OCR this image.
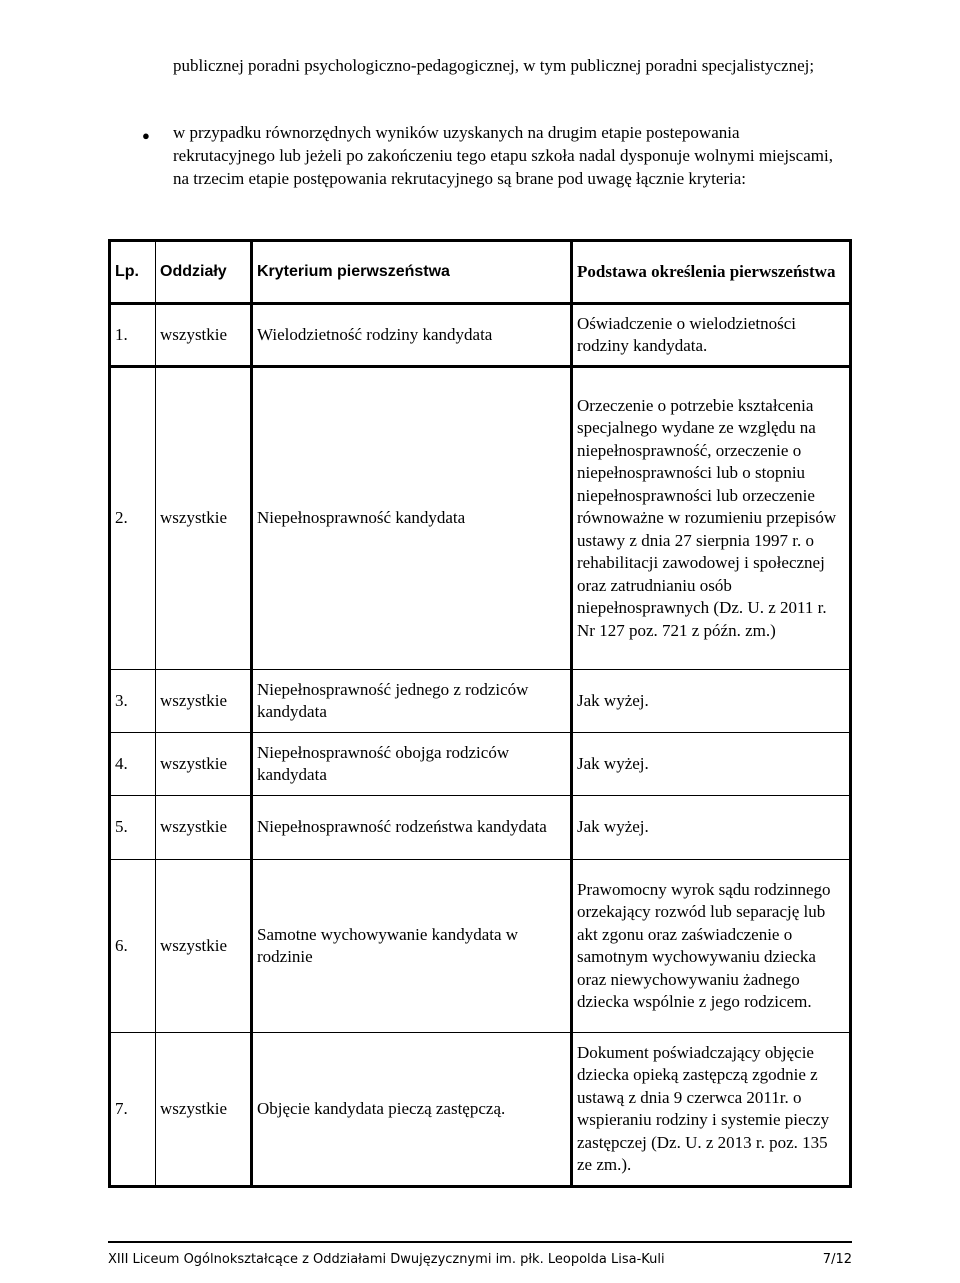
publicznej poradni psychologiczno-pedagogicznej, w tym publicznej poradni specjalistycznej;
● w przypadku równorzędnych wyników uzyskanych na drugim etapie postepowania rekrutacyjnego lub jeżeli po zakończeniu tego etapu szkoła nadal dysponuje wolnymi miejscami, na trzecim etapie postępowania rekrutacyjnego są brane pod uwagę łącznie kryteria:
Lp.	Oddziały	Kryterium pierwszeństwa	Podstawa określenia pierwszeństwa
1.	wszystkie	Wielodzietność rodziny kandydata	Oświadczenie o wielodzietności rodziny kandydata.
2.	wszystkie	Niepełnosprawność kandydata	Orzeczenie o potrzebie kształcenia specjalnego wydane ze względu na niepełnosprawność, orzeczenie o niepełnosprawności lub o stopniu niepełnosprawności lub orzeczenie równoważne w rozumieniu przepisów ustawy z dnia 27 sierpnia 1997 r. o rehabilitacji zawodowej i społecznej oraz zatrudnianiu osób niepełnosprawnych (Dz. U. z 2011 r. Nr 127 poz. 721 z późn. zm.)
3.	wszystkie	Niepełnosprawność jednego z rodziców kandydata	Jak wyżej.
4.	wszystkie	Niepełnosprawność obojga rodziców kandydata	Jak wyżej.
5.	wszystkie	Niepełnosprawność rodzeństwa kandydata	Jak wyżej.
6.	wszystkie	Samotne wychowywanie kandydata w rodzinie	Prawomocny wyrok sądu rodzinnego orzekający rozwód lub separację lub akt zgonu oraz zaświadczenie o samotnym wychowywaniu dziecka oraz niewychowywaniu żadnego dziecka wspólnie z jego rodzicem.
7.	wszystkie	Objęcie kandydata pieczą zastępczą.	Dokument poświadczający objęcie dziecka opieką zastępczą zgodnie z ustawą z dnia 9 czerwca 2011r. o wspieraniu rodziny i systemie pieczy zastępczej (Dz. U. z 2013 r. poz. 135 ze zm.).
XIII Liceum Ogólnokształcące z Oddziałami Dwujęzycznymi im. płk. Leopolda Lisa-Kuli	7/12
